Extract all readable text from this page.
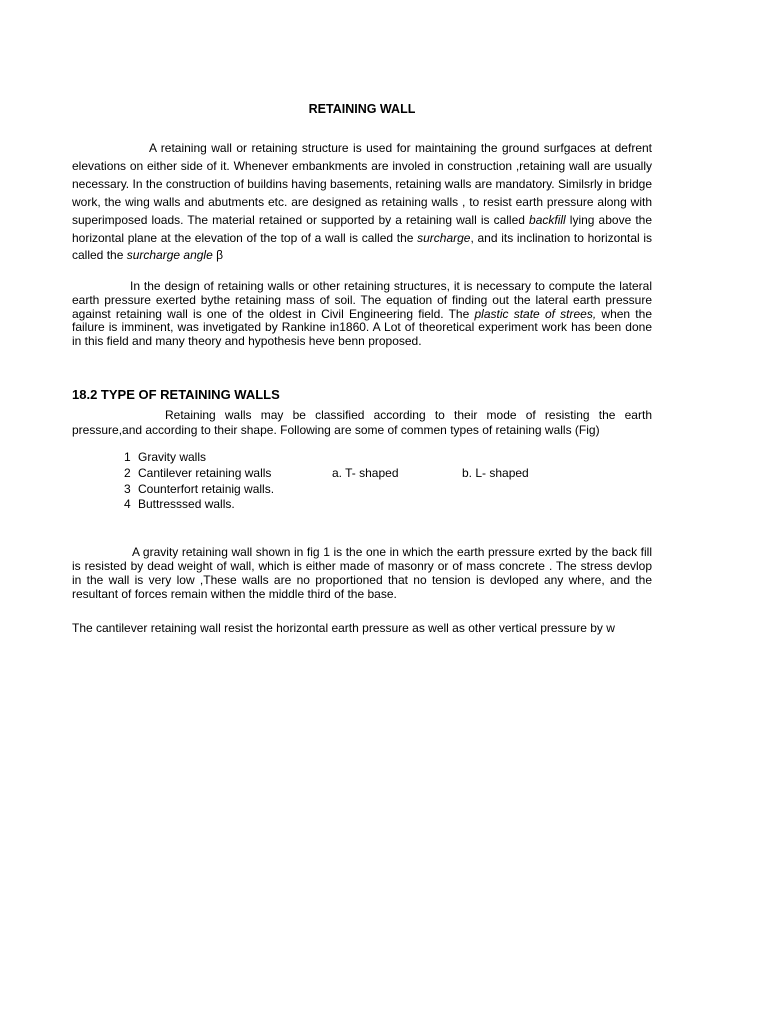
RETAINING WALL

A retaining wall or retaining structure is used for maintaining the ground surfgaces at defrent elevations on either side of it. Whenever embankments are involed in construction ,retaining wall are usually necessary. In the construction of buildins having basements, retaining walls are mandatory. Similsrly in bridge work, the wing walls and abutments etc. are designed as retaining walls , to resist earth pressure along with superimposed loads. The material retained or supported by a retaining wall is called backfill lying above the horizontal plane at the elevation of the top of a wall is called the surcharge, and its inclination to horizontal is called the surcharge angle β

In the design of retaining walls or other retaining structures, it is necessary to compute the lateral earth pressure exerted bythe retaining mass of soil. The equation of finding out the lateral earth pressure against retaining wall is one of the oldest in Civil Engineering field. The plastic state of strees, when the failure is imminent, was invetigated by Rankine in1860. A Lot of theoretical experiment work has been done in this field and many theory and hypothesis heve benn proposed.

18.2 TYPE OF RETAINING WALLS

Retaining walls may be classified according to their mode of resisting the earth pressure,and according to their shape. Following are some of commen types of retaining walls (Fig)

1 Gravity walls
2 Cantilever retaining walls	a. T- shaped	b. L- shaped
3 Counterfort retainig walls.
4 Buttresssed walls.

A gravity retaining wall shown in fig 1 is the one in which the earth pressure exrted by the back fill is resisted by dead weight of wall, which is either made of masonry or of mass concrete . The stress devlop in the wall is very low ,These walls are no proportioned that no tension is devloped any where, and the resultant of forces remain withen the middle third of the base.

The cantilever retaining wall resist the horizontal earth pressure as well as other vertical pressure by w
